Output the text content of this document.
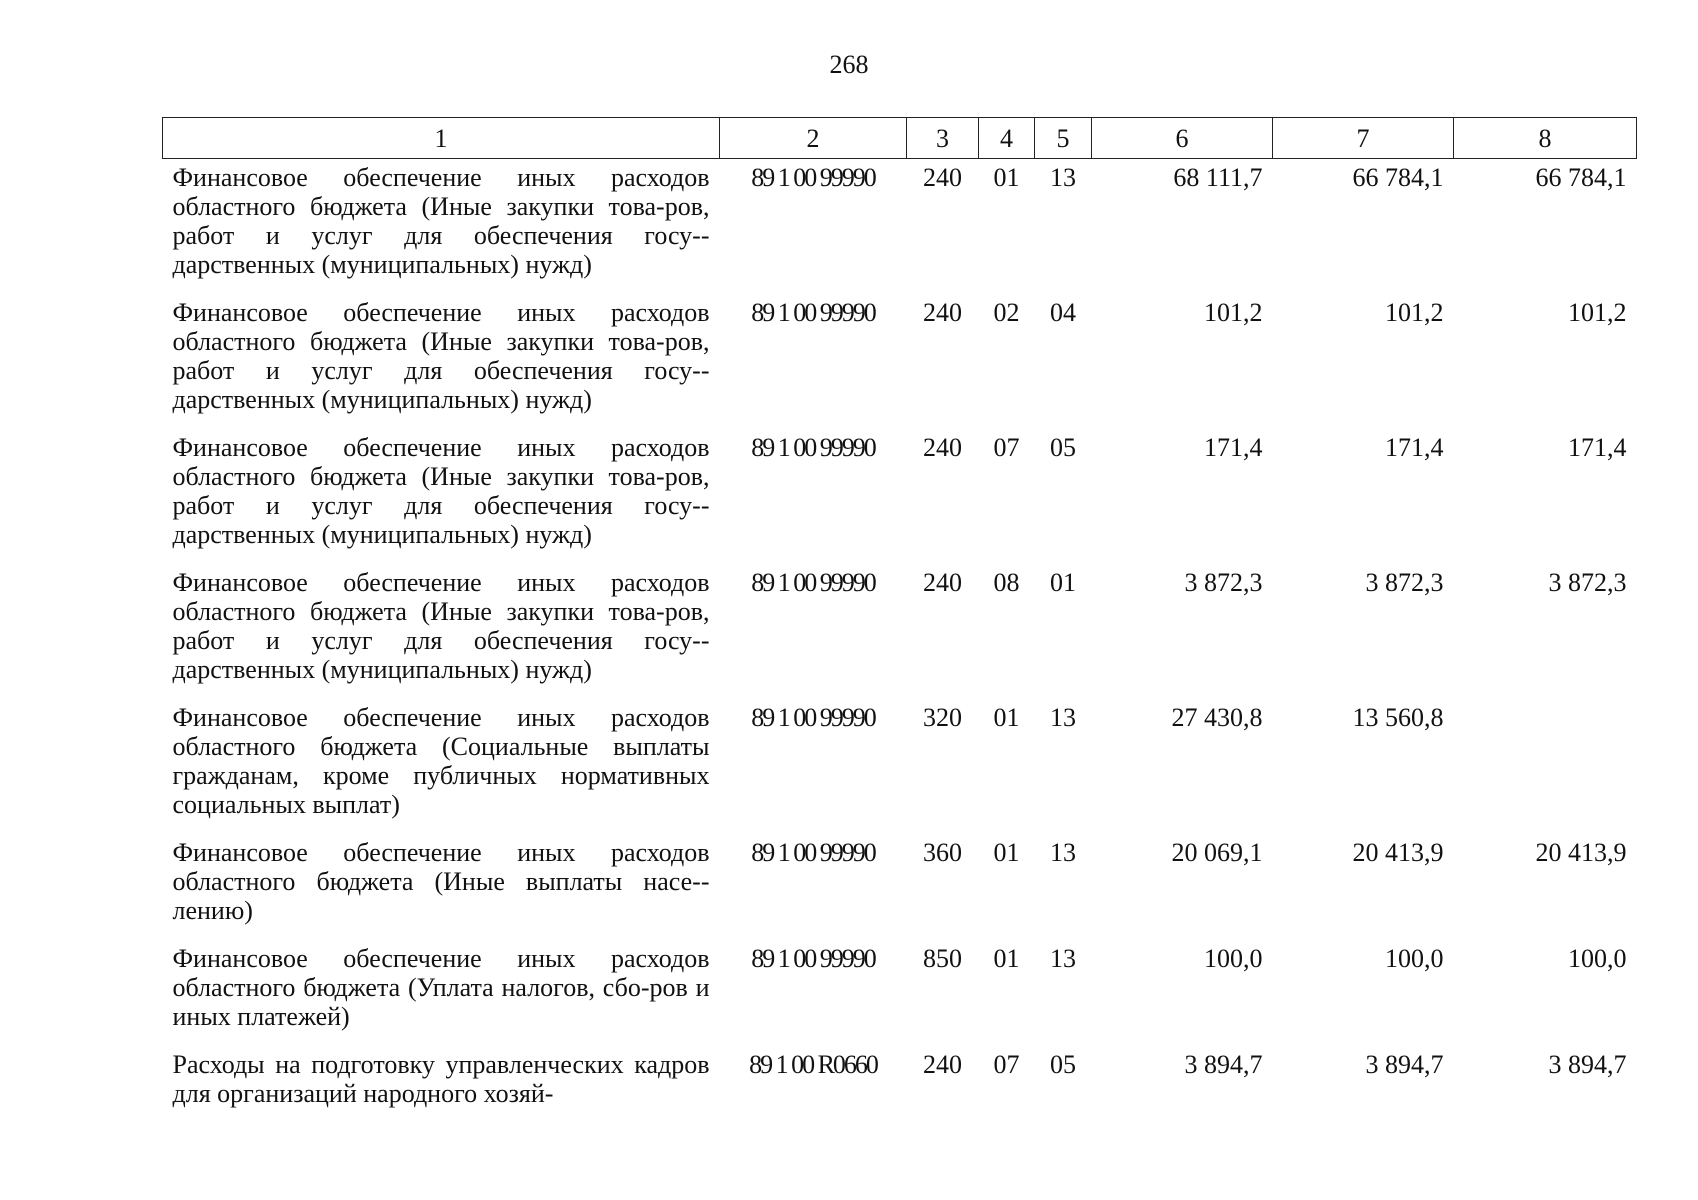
268
1	2	3	4	5	6	7	8
Финансовое обеспечение иных расходов областного бюджета (Иные закупки това-ров, работ и услуг для обеспечения госу-дарственных (муниципальных) нужд)	89 1 00 99990	240	01	13	68 111,7	66 784,1	66 784,1
Финансовое обеспечение иных расходов областного бюджета (Иные закупки това-ров, работ и услуг для обеспечения госу-дарственных (муниципальных) нужд)	89 1 00 99990	240	02	04	101,2	101,2	101,2
Финансовое обеспечение иных расходов областного бюджета (Иные закупки това-ров, работ и услуг для обеспечения госу-дарственных (муниципальных) нужд)	89 1 00 99990	240	07	05	171,4	171,4	171,4
Финансовое обеспечение иных расходов областного бюджета (Иные закупки това-ров, работ и услуг для обеспечения госу-дарственных (муниципальных) нужд)	89 1 00 99990	240	08	01	3 872,3	3 872,3	3 872,3
Финансовое обеспечение иных расходов областного бюджета (Социальные выплаты гражданам, кроме публичных нормативных социальных выплат)	89 1 00 99990	320	01	13	27 430,8	13 560,8	
Финансовое обеспечение иных расходов областного бюджета (Иные выплаты насе-лению)	89 1 00 99990	360	01	13	20 069,1	20 413,9	20 413,9
Финансовое обеспечение иных расходов областного бюджета (Уплата налогов, сбо-ров и иных платежей)	89 1 00 99990	850	01	13	100,0	100,0	100,0
Расходы на подготовку управленческих кадров для организаций народного хозяй-	89 1 00 R0660	240	07	05	3 894,7	3 894,7	3 894,7
